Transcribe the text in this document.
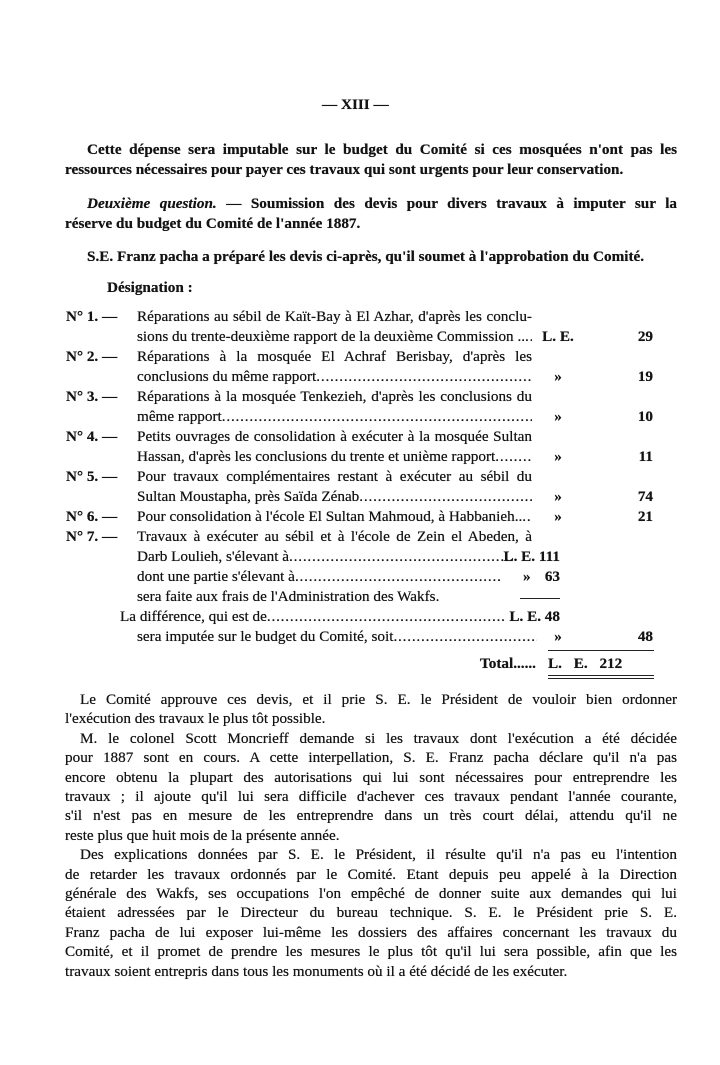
— XIII —
Cette dépense sera imputable sur le budget du Comité si ces mosquées n'ont pas les
ressources nécessaires pour payer ces travaux qui sont urgents pour leur conservation.
Deuxième question. — Soumission des devis pour divers travaux à imputer sur la
réserve du budget du Comité de l'année 1887.
S.E. Franz pacha a préparé les devis ci-après, qu'il soumet à l'approbation du Comité.
Désignation :
N° 1. — Réparations au sébil de Kaït-Bay à El Azhar, d'après les conclu-
sions du trente-deuxième rapport de la deuxième Commission .. . . . L. E.	29
N° 2. — Réparations à la mosquée El Achraf Berisbay, d'après les
conclusions du même rapport . . .	»	19
N° 3. — Réparations à la mosquée Tenkezieh, d'après les conclusions du
même rapport . . .	»	10
N° 4. — Petits ouvrages de consolidation à exécuter à la mosquée Sultan
Hassan, d'après les conclusions du trente et unième rapport . . .	»	11
N° 5. — Pour travaux complémentaires restant à exécuter au sébil du
Sultan Moustapha, près Saïda Zénab . . .	»	74
N° 6. — Pour consolidation à l'école El Sultan Mahmoud, à Habbanieh.. . . .	»	21
N° 7. — Travaux à exécuter au sébil et à l'école de Zein el Abeden, à
Darb Loulieh, s'élevant à . . .	L. E. 111
dont une partie s'élevant à . . .	» 63
sera faite aux frais de l'Administration des Wakfs.
La différence, qui est de . . .	L. E. 48
sera imputée sur le budget du Comité, soit . . .	»	48
Total...... L. E. 212
Le Comité approuve ces devis, et il prie S. E. le Président de vouloir bien ordonner
l'exécution des travaux le plus tôt possible.
M. le colonel Scott Moncrieff demande si les travaux dont l'exécution a été décidée
pour 1887 sont en cours. A cette interpellation, S. E. Franz pacha déclare qu'il n'a pas
encore obtenu la plupart des autorisations qui lui sont nécessaires pour entreprendre les
travaux ; il ajoute qu'il lui sera difficile d'achever ces travaux pendant l'année courante,
s'il n'est pas en mesure de les entreprendre dans un très court délai, attendu qu'il ne
reste plus que huit mois de la présente année.
Des explications données par S. E. le Président, il résulte qu'il n'a pas eu l'intention
de retarder les travaux ordonnés par le Comité. Etant depuis peu appelé à la Direction
générale des Wakfs, ses occupations l'on empêché de donner suite aux demandes qui lui
étaient adressées par le Directeur du bureau technique. S. E. le Président prie S. E.
Franz pacha de lui exposer lui-même les dossiers des affaires concernant les travaux du
Comité, et il promet de prendre les mesures le plus tôt qu'il lui sera possible, afin que les
travaux soient entrepris dans tous les monuments où il a été décidé de les exécuter.
